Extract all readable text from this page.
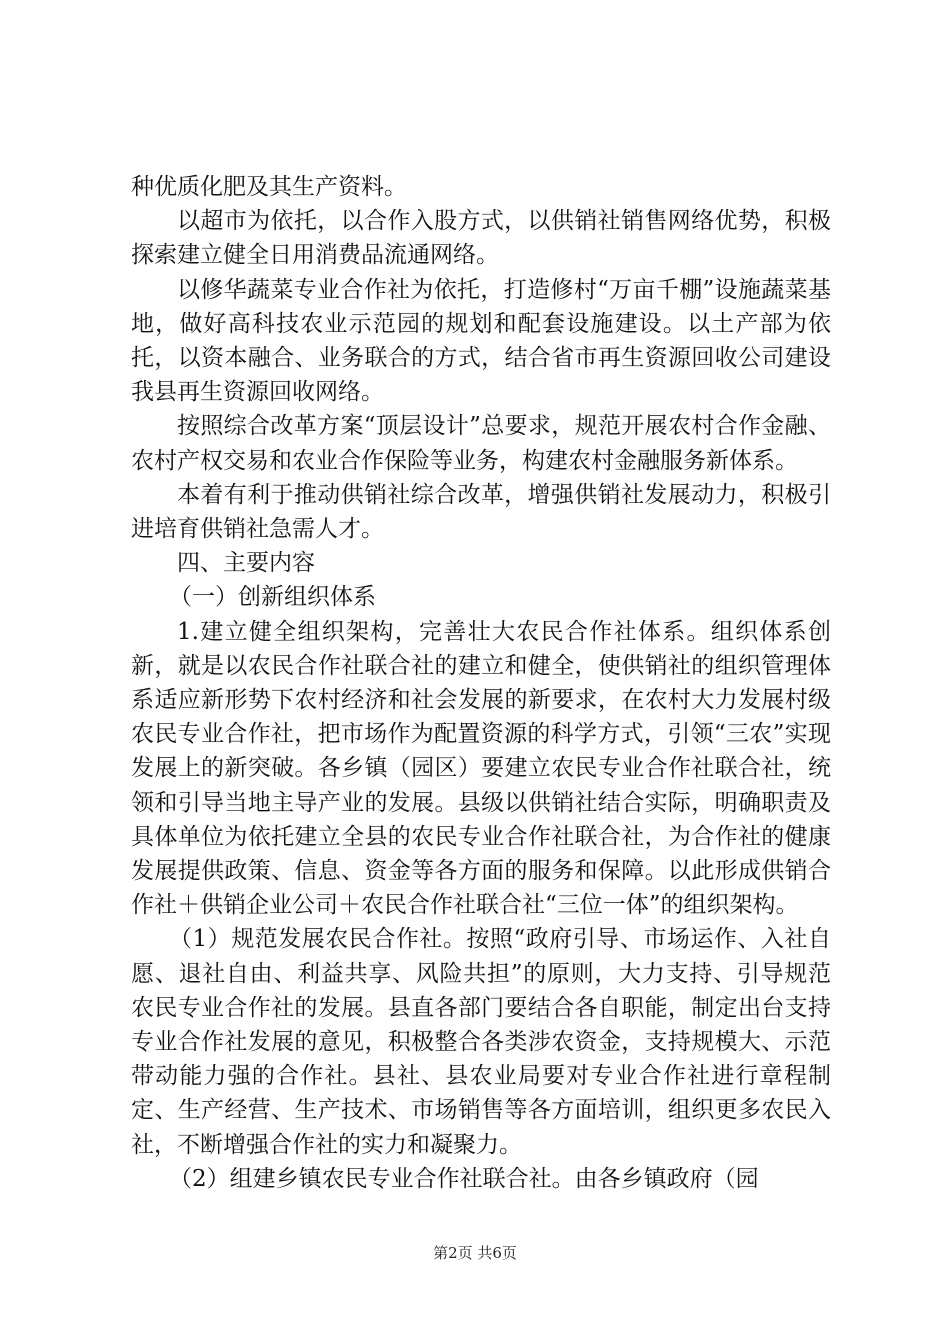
种优质化肥及其生产资料。

以超市为依托，以合作入股方式，以供销社销售网络优势，积极探索建立健全日用消费品流通网络。

以修华蔬菜专业合作社为依托，打造修村“万亩千棚”设施蔬菜基地，做好高科技农业示范园的规划和配套设施建设。以土产部为依托，以资本融合、业务联合的方式，结合省市再生资源回收公司建设我县再生资源回收网络。

按照综合改革方案“顶层设计”总要求，规范开展农村合作金融、农村产权交易和农业合作保险等业务，构建农村金融服务新体系。

本着有利于推动供销社综合改革，增强供销社发展动力，积极引进培育供销社急需人才。

四、主要内容

（一）创新组织体系

1.建立健全组织架构，完善壮大农民合作社体系。组织体系创新，就是以农民合作社联合社的建立和健全，使供销社的组织管理体系适应新形势下农村经济和社会发展的新要求，在农村大力发展村级农民专业合作社，把市场作为配置资源的科学方式，引领“三农”实现发展上的新突破。各乡镇（园区）要建立农民专业合作社联合社，统领和引导当地主导产业的发展。县级以供销社结合实际，明确职责及具体单位为依托建立全县的农民专业合作社联合社，为合作社的健康发展提供政策、信息、资金等各方面的服务和保障。以此形成供销合作社＋供销企业公司＋农民合作社联合社“三位一体”的组织架构。

（1）规范发展农民合作社。按照“政府引导、市场运作、入社自愿、退社自由、利益共享、风险共担”的原则，大力支持、引导规范农民专业合作社的发展。县直各部门要结合各自职能，制定出台支持专业合作社发展的意见，积极整合各类涉农资金，支持规模大、示范带动能力强的合作社。县社、县农业局要对专业合作社进行章程制定、生产经营、生产技术、市场销售等各方面培训，组织更多农民入社，不断增强合作社的实力和凝聚力。

（2）组建乡镇农民专业合作社联合社。由各乡镇政府（园

第2页 共6页
